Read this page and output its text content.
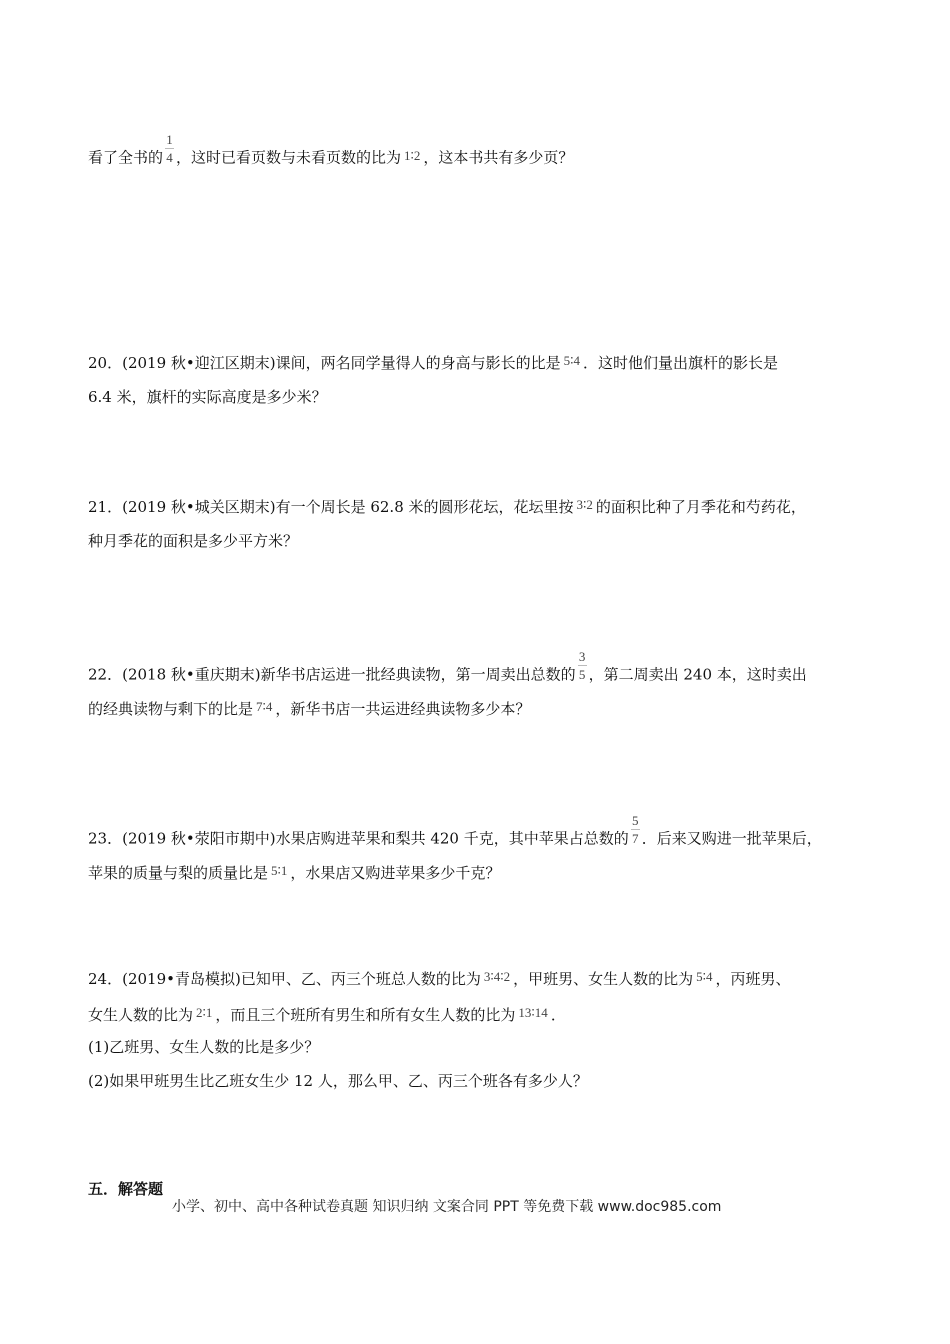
看了全书的 $\frac{1}{4}$ ，这时已看页数与未看页数的比为 1∶2 ，这本书共有多少页？
20．(2019 秋•迎江区期末)课间，两名同学量得人的身高与影长的比是 5∶4 ．这时他们量出旗杆的影长是
6.4 米，旗杆的实际高度是多少米？
21．(2019 秋•城关区期末)有一个周长是 62.8 米的圆形花坛，花坛里按 3∶2 的面积比种了月季花和芍药花，
种月季花的面积是多少平方米？
22．(2018 秋•重庆期末)新华书店运进一批经典读物，第一周卖出总数的 $\frac{3}{5}$ ，第二周卖出 240 本，这时卖出
的经典读物与剩下的比是 7∶4 ，新华书店一共运进经典读物多少本？
23．(2019 秋•荥阳市期中)水果店购进苹果和梨共 420 千克，其中苹果占总数的 $\frac{5}{7}$ ．后来又购进一批苹果后，
苹果的质量与梨的质量比是 5∶1 ，水果店又购进苹果多少千克？
24．(2019•青岛模拟)已知甲、乙、丙三个班总人数的比为 3∶4∶2 ，甲班男、女生人数的比为 5∶4 ，丙班男、
女生人数的比为 2∶1 ，而且三个班所有男生和所有女生人数的比为 13∶14 ．
(1)乙班男、女生人数的比是多少？
(2)如果甲班男生比乙班女生少 12 人，那么甲、乙、丙三个班各有多少人？
五．解答题
小学、初中、高中各种试卷真题 知识归纳 文案合同 PPT 等免费下载 www.doc985.com
